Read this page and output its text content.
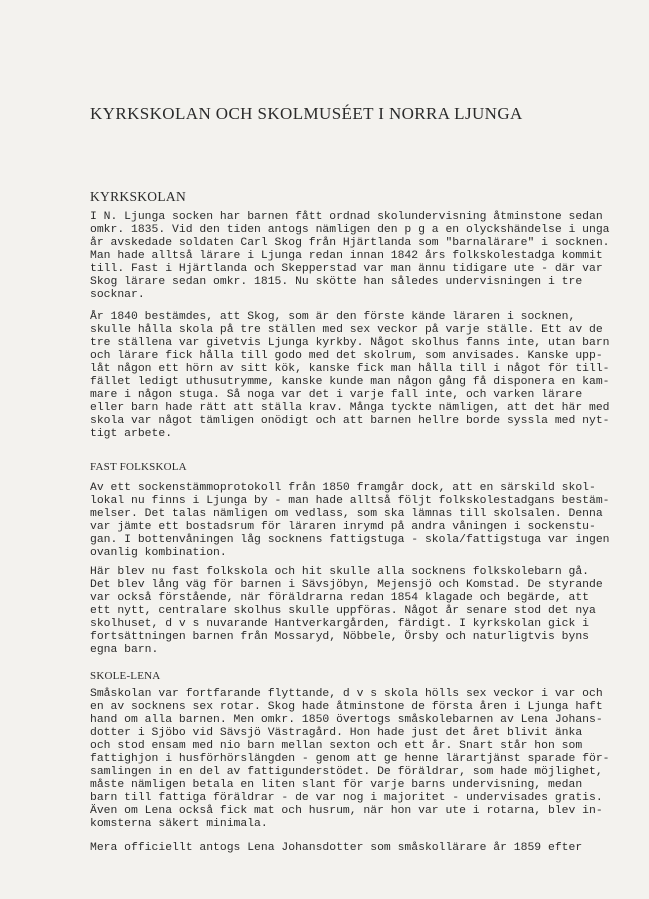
KYRKSKOLAN OCH SKOLMUSÉET I NORRA LJUNGA
KYRKSKOLAN

I N. Ljunga socken har barnen fått ordnad skolundervisning åtminstone sedan
omkr. 1835. Vid den tiden antogs nämligen den p g a en olyckshändelse i unga
år avskedade soldaten Carl Skog från Hjärtlanda som "barnalärare" i socknen.
Man hade alltså lärare i Ljunga redan innan 1842 års folkskolestadga kommit
till. Fast i Hjärtlanda och Skepperstad var man ännu tidigare ute - där var
Skog lärare sedan omkr. 1815. Nu skötte han således undervisningen i tre
socknar.

År 1840 bestämdes, att Skog, som är den förste kände läraren i socknen,
skulle hålla skola på tre ställen med sex veckor på varje ställe. Ett av de
tre ställena var givetvis Ljunga kyrkby. Något skolhus fanns inte, utan barn
och lärare fick hålla till godo med det skolrum, som anvisades. Kanske upp-
låt någon ett hörn av sitt kök, kanske fick man hålla till i något för till-
fället ledigt uthusutrymme, kanske kunde man någon gång få disponera en kam-
mare i någon stuga. Så noga var det i varje fall inte, och varken lärare
eller barn hade rätt att ställa krav. Många tyckte nämligen, att det här med
skola var något tämligen onödigt och att barnen hellre borde syssla med nyt-
tigt arbete.

FAST FOLKSKOLA

Av ett sockenstämmoprotokoll från 1850 framgår dock, att en särskild skol-
lokal nu finns i Ljunga by - man hade alltså följt folkskolestadgans bestäm-
melser. Det talas nämligen om vedlass, som ska lämnas till skolsalen. Denna
var jämte ett bostadsrum för läraren inrymd på andra våningen i sockenstu-
gan. I bottenvåningen låg socknens fattigstuga - skola/fattigstuga var ingen
ovanlig kombination.

Här blev nu fast folkskola och hit skulle alla socknens folkskolebarn gå.
Det blev lång väg för barnen i Sävsjöbyn, Mejensjö och Komstad. De styrande
var också förstående, när föräldrarna redan 1854 klagade och begärde, att
ett nytt, centralare skolhus skulle uppföras. Något år senare stod det nya
skolhuset, d v s nuvarande Hantverkargården, färdigt. I kyrkskolan gick i
fortsättningen barnen från Mossaryd, Nöbbele, Örsby och naturligtvis byns
egna barn.

SKOLE-LENA

Småskolan var fortfarande flyttande, d v s skola hölls sex veckor i var och
en av socknens sex rotar. Skog hade åtminstone de första åren i Ljunga haft
hand om alla barnen. Men omkr. 1850 övertogs småskolebarnen av Lena Johans-
dotter i Sjöbo vid Sävsjö Västragård. Hon hade just det året blivit änka
och stod ensam med nio barn mellan sexton och ett år. Snart står hon som
fattighjon i husförhörslängden - genom att ge henne lärartjänst sparade för-
samlingen in en del av fattigunderstödet. De föräldrar, som hade möjlighet,
måste nämligen betala en liten slant för varje barns undervisning, medan
barn till fattiga föräldrar - de var nog i majoritet - undervisades gratis.
Även om Lena också fick mat och husrum, när hon var ute i rotarna, blev in-
komsterna säkert minimala.

Mera officiellt antogs Lena Johansdotter som småskollärare år 1859 efter
